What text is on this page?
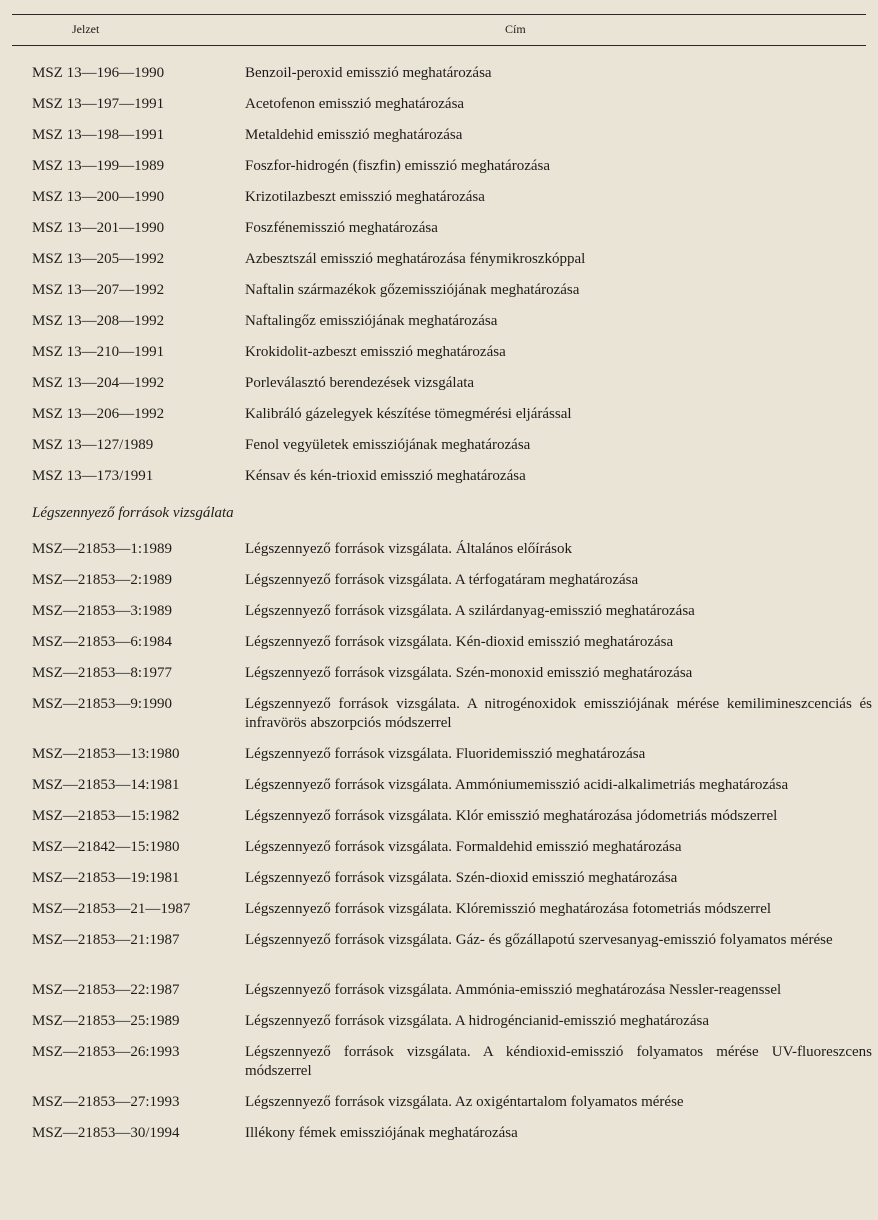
Jelzet	Cím
MSZ 13—196—1990	Benzoil-peroxid emisszió meghatározása
MSZ 13—197—1991	Acetofenon emisszió meghatározása
MSZ 13—198—1991	Metaldehid emisszió meghatározása
MSZ 13—199—1989	Foszfor-hidrogén (fiszfin) emisszió meghatározása
MSZ 13—200—1990	Krizotilazbeszt emisszió meghatározása
MSZ 13—201—1990	Foszfénemisszió meghatározása
MSZ 13—205—1992	Azbesztszál emisszió meghatározása fénymikroszkóppal
MSZ 13—207—1992	Naftalin származékok gőzemissziójának meghatározása
MSZ 13—208—1992	Naftalingőz emissziójának meghatározása
MSZ 13—210—1991	Krokidolit-azbeszt emisszió meghatározása
MSZ 13—204—1992	Porleválasztó berendezések vizsgálata
MSZ 13—206—1992	Kalibráló gázelegyek készítése tömegmérési eljárással
MSZ 13—127/1989	Fenol vegyületek emissziójának meghatározása
MSZ 13—173/1991	Kénsav és kén-trioxid emisszió meghatározása
Légszennyező források vizsgálata
MSZ—21853—1:1989	Légszennyező források vizsgálata. Általános előírások
MSZ—21853—2:1989	Légszennyező források vizsgálata. A térfogatáram meghatározása
MSZ—21853—3:1989	Légszennyező források vizsgálata. A szilárdanyag-emisszió meghatározása
MSZ—21853—6:1984	Légszennyező források vizsgálata. Kén-dioxid emisszió meghatározása
MSZ—21853—8:1977	Légszennyező források vizsgálata. Szén-monoxid emisszió meghatározása
MSZ—21853—9:1990	Légszennyező források vizsgálata. A nitrogénoxidok emissziójának mérése kemilimineszcenciás és infravörös abszorpciós módszerrel
MSZ—21853—13:1980	Légszennyező források vizsgálata. Fluoridemisszió meghatározása
MSZ—21853—14:1981	Légszennyező források vizsgálata. Ammóniumemisszió acidi-alkalimetriás meghatározása
MSZ—21853—15:1982	Légszennyező források vizsgálata. Klór emisszió meghatározása jódometriás módszerrel
MSZ—21842—15:1980	Légszennyező források vizsgálata. Formaldehid emisszió meghatározása
MSZ—21853—19:1981	Légszennyező források vizsgálata. Szén-dioxid emisszió meghatározása
MSZ—21853—21—1987	Légszennyező források vizsgálata. Klóremisszió meghatározása fotometriás módszerrel
MSZ—21853—21:1987	Légszennyező források vizsgálata. Gáz- és gőzállapotú szervesanyag-emisszió folyamatos mérése
MSZ—21853—22:1987	Légszennyező források vizsgálata. Ammónia-emisszió meghatározása Nessler-reagenssel
MSZ—21853—25:1989	Légszennyező források vizsgálata. A hidrogéncianid-emisszió meghatározása
MSZ—21853—26:1993	Légszennyező források vizsgálata. A kéndioxid-emisszió folyamatos mérése UV-fluoreszcens módszerrel
MSZ—21853—27:1993	Légszennyező források vizsgálata. Az oxigéntartalom folyamatos mérése
MSZ—21853—30/1994	Illékony fémek emissziójának meghatározása
